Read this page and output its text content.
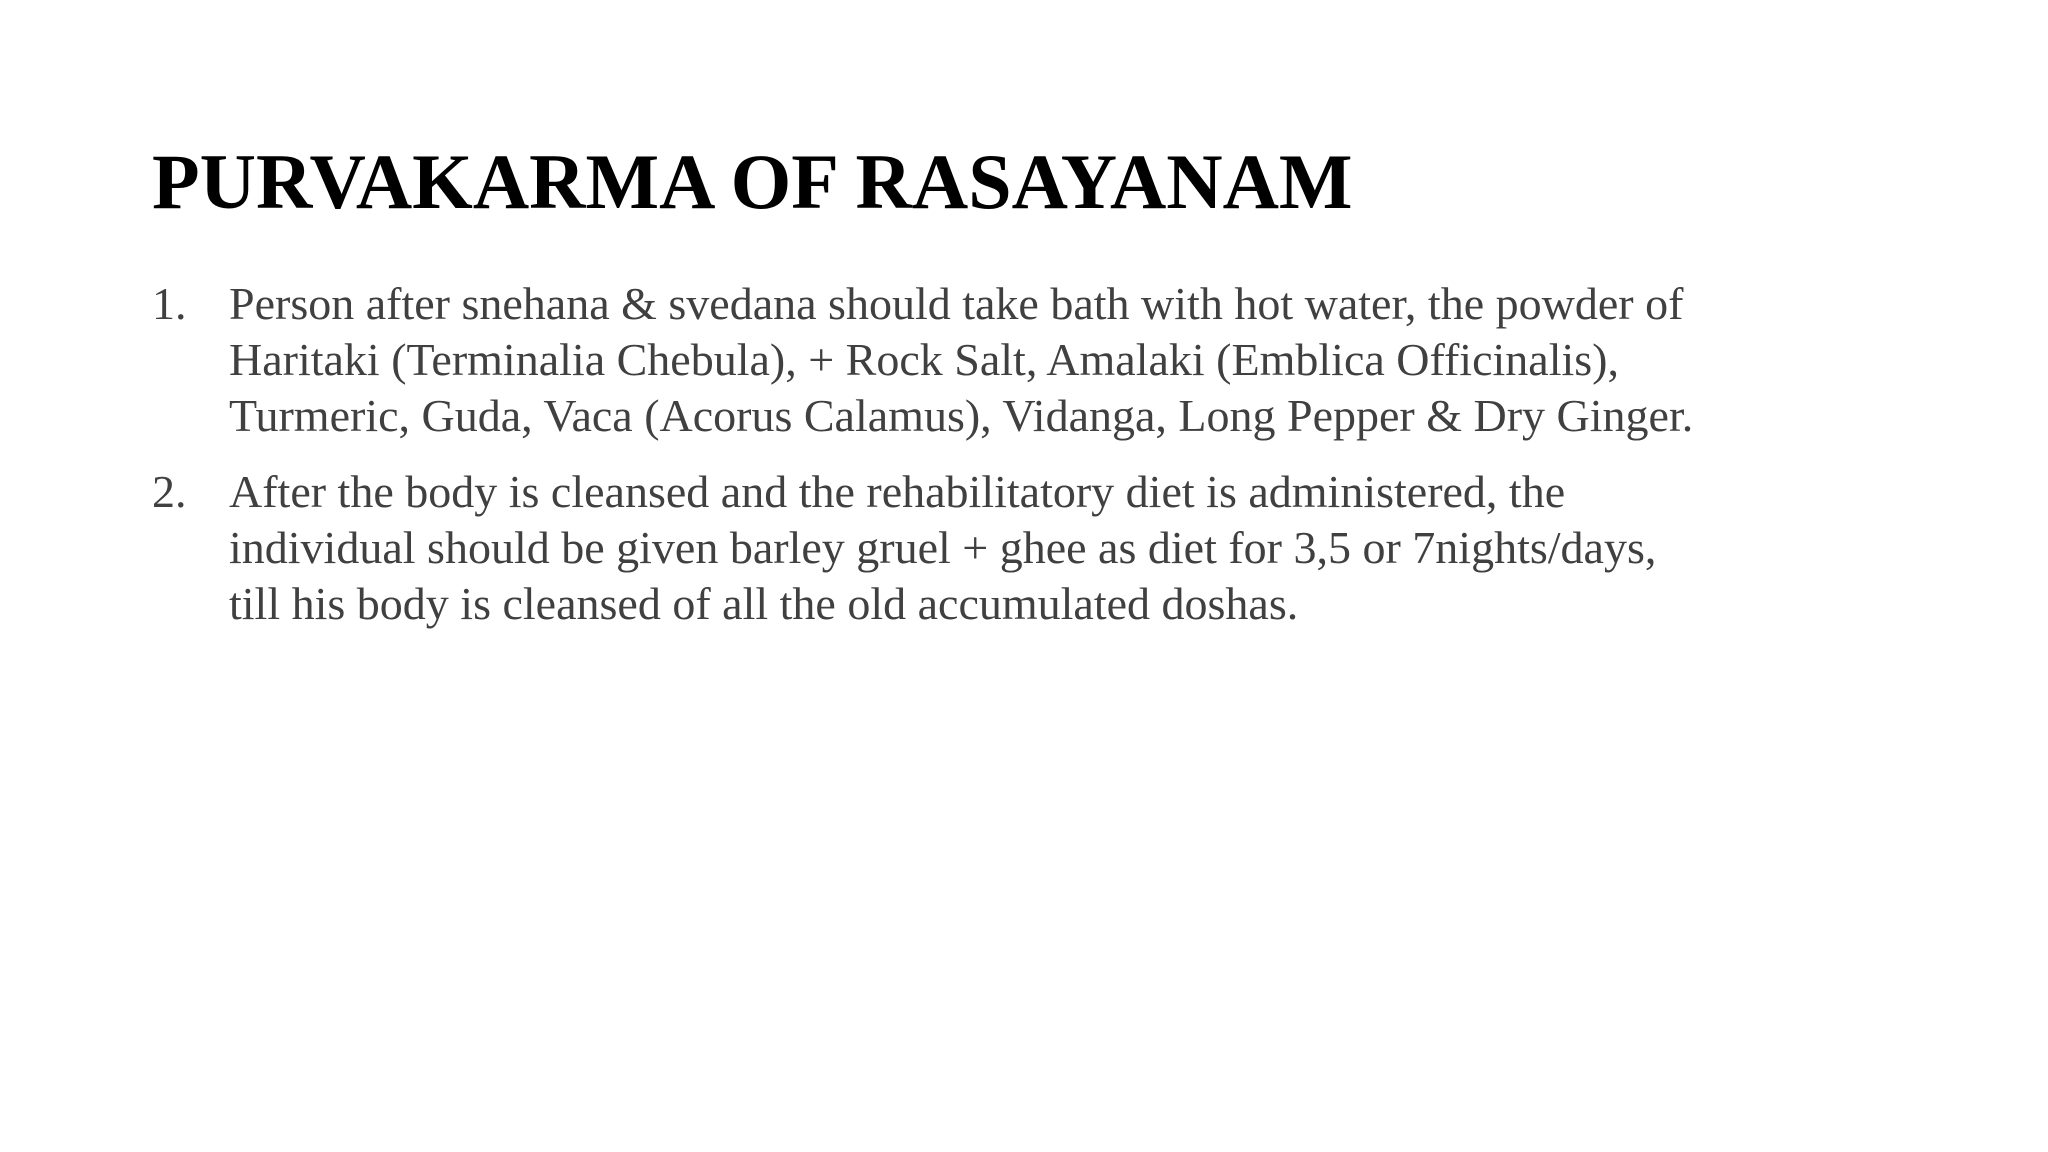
PURVAKARMA OF RASAYANAM
1. Person after snehana & svedana should take bath with hot water, the powder of Haritaki (Terminalia Chebula), + Rock Salt, Amalaki (Emblica Officinalis), Turmeric, Guda, Vaca (Acorus Calamus), Vidanga, Long Pepper & Dry Ginger.
2. After the body is cleansed and the rehabilitatory diet is administered, the individual should be given barley gruel + ghee as diet for 3,5 or 7nights/days, till his body is cleansed of all the old accumulated doshas.
